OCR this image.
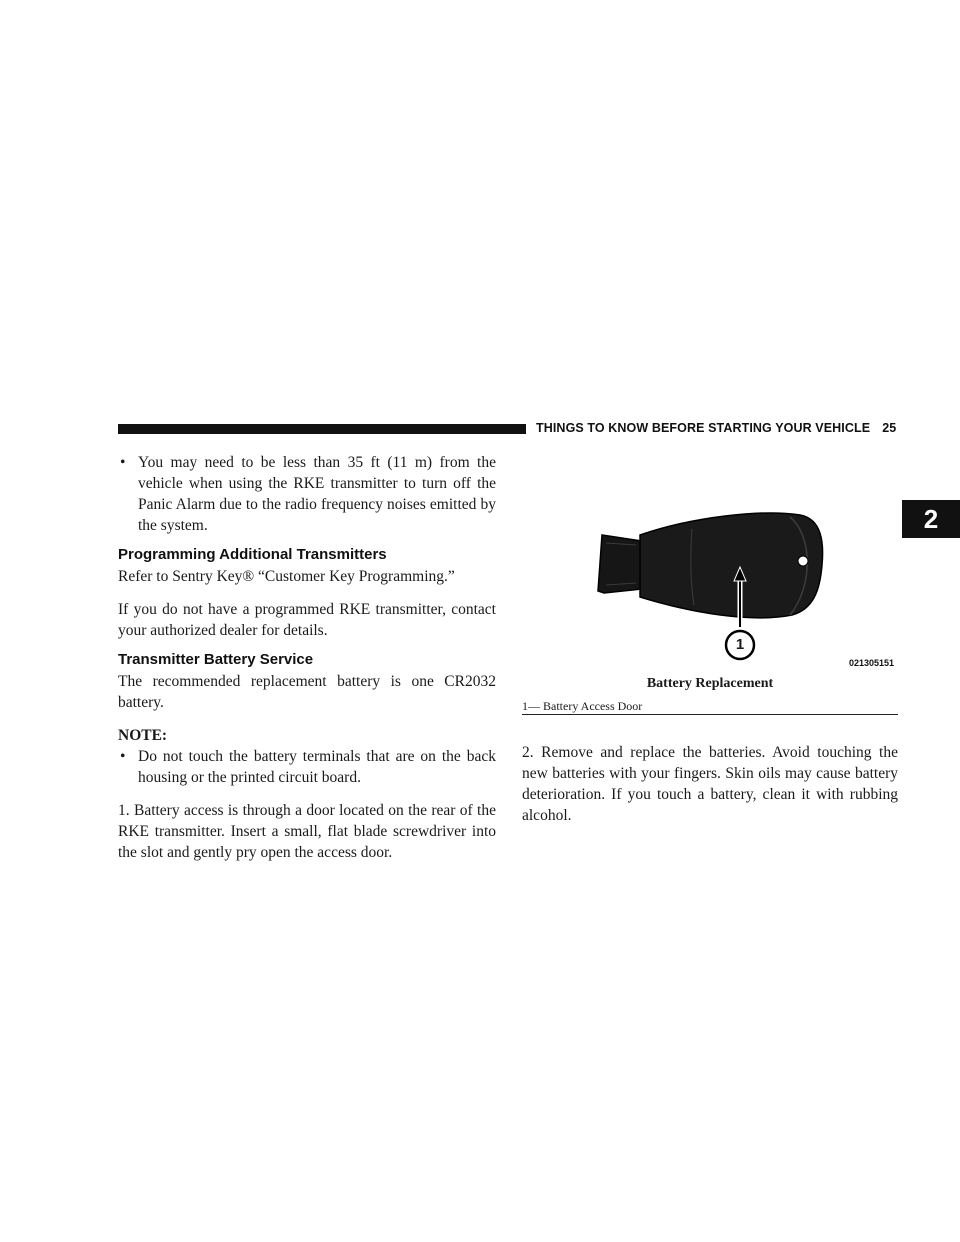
THINGS TO KNOW BEFORE STARTING YOUR VEHICLE 25
2
• You may need to be less than 35 ft (11 m) from the vehicle when using the RKE transmitter to turn off the Panic Alarm due to the radio frequency noises emitted by the system.
Programming Additional Transmitters

Refer to Sentry Key® “Customer Key Programming.”

If you do not have a programmed RKE transmitter, contact your authorized dealer for details.

Transmitter Battery Service

The recommended replacement battery is one CR2032 battery.

NOTE:

• Do not touch the battery terminals that are on the back housing or the printed circuit board.

1. Battery access is through a door located on the rear of the RKE transmitter. Insert a small, flat blade screwdriver into the slot and gently pry open the access door.

1
021305151
Battery Replacement
1— Battery Access Door

2. Remove and replace the batteries. Avoid touching the new batteries with your fingers. Skin oils may cause battery deterioration. If you touch a battery, clean it with rubbing alcohol.
